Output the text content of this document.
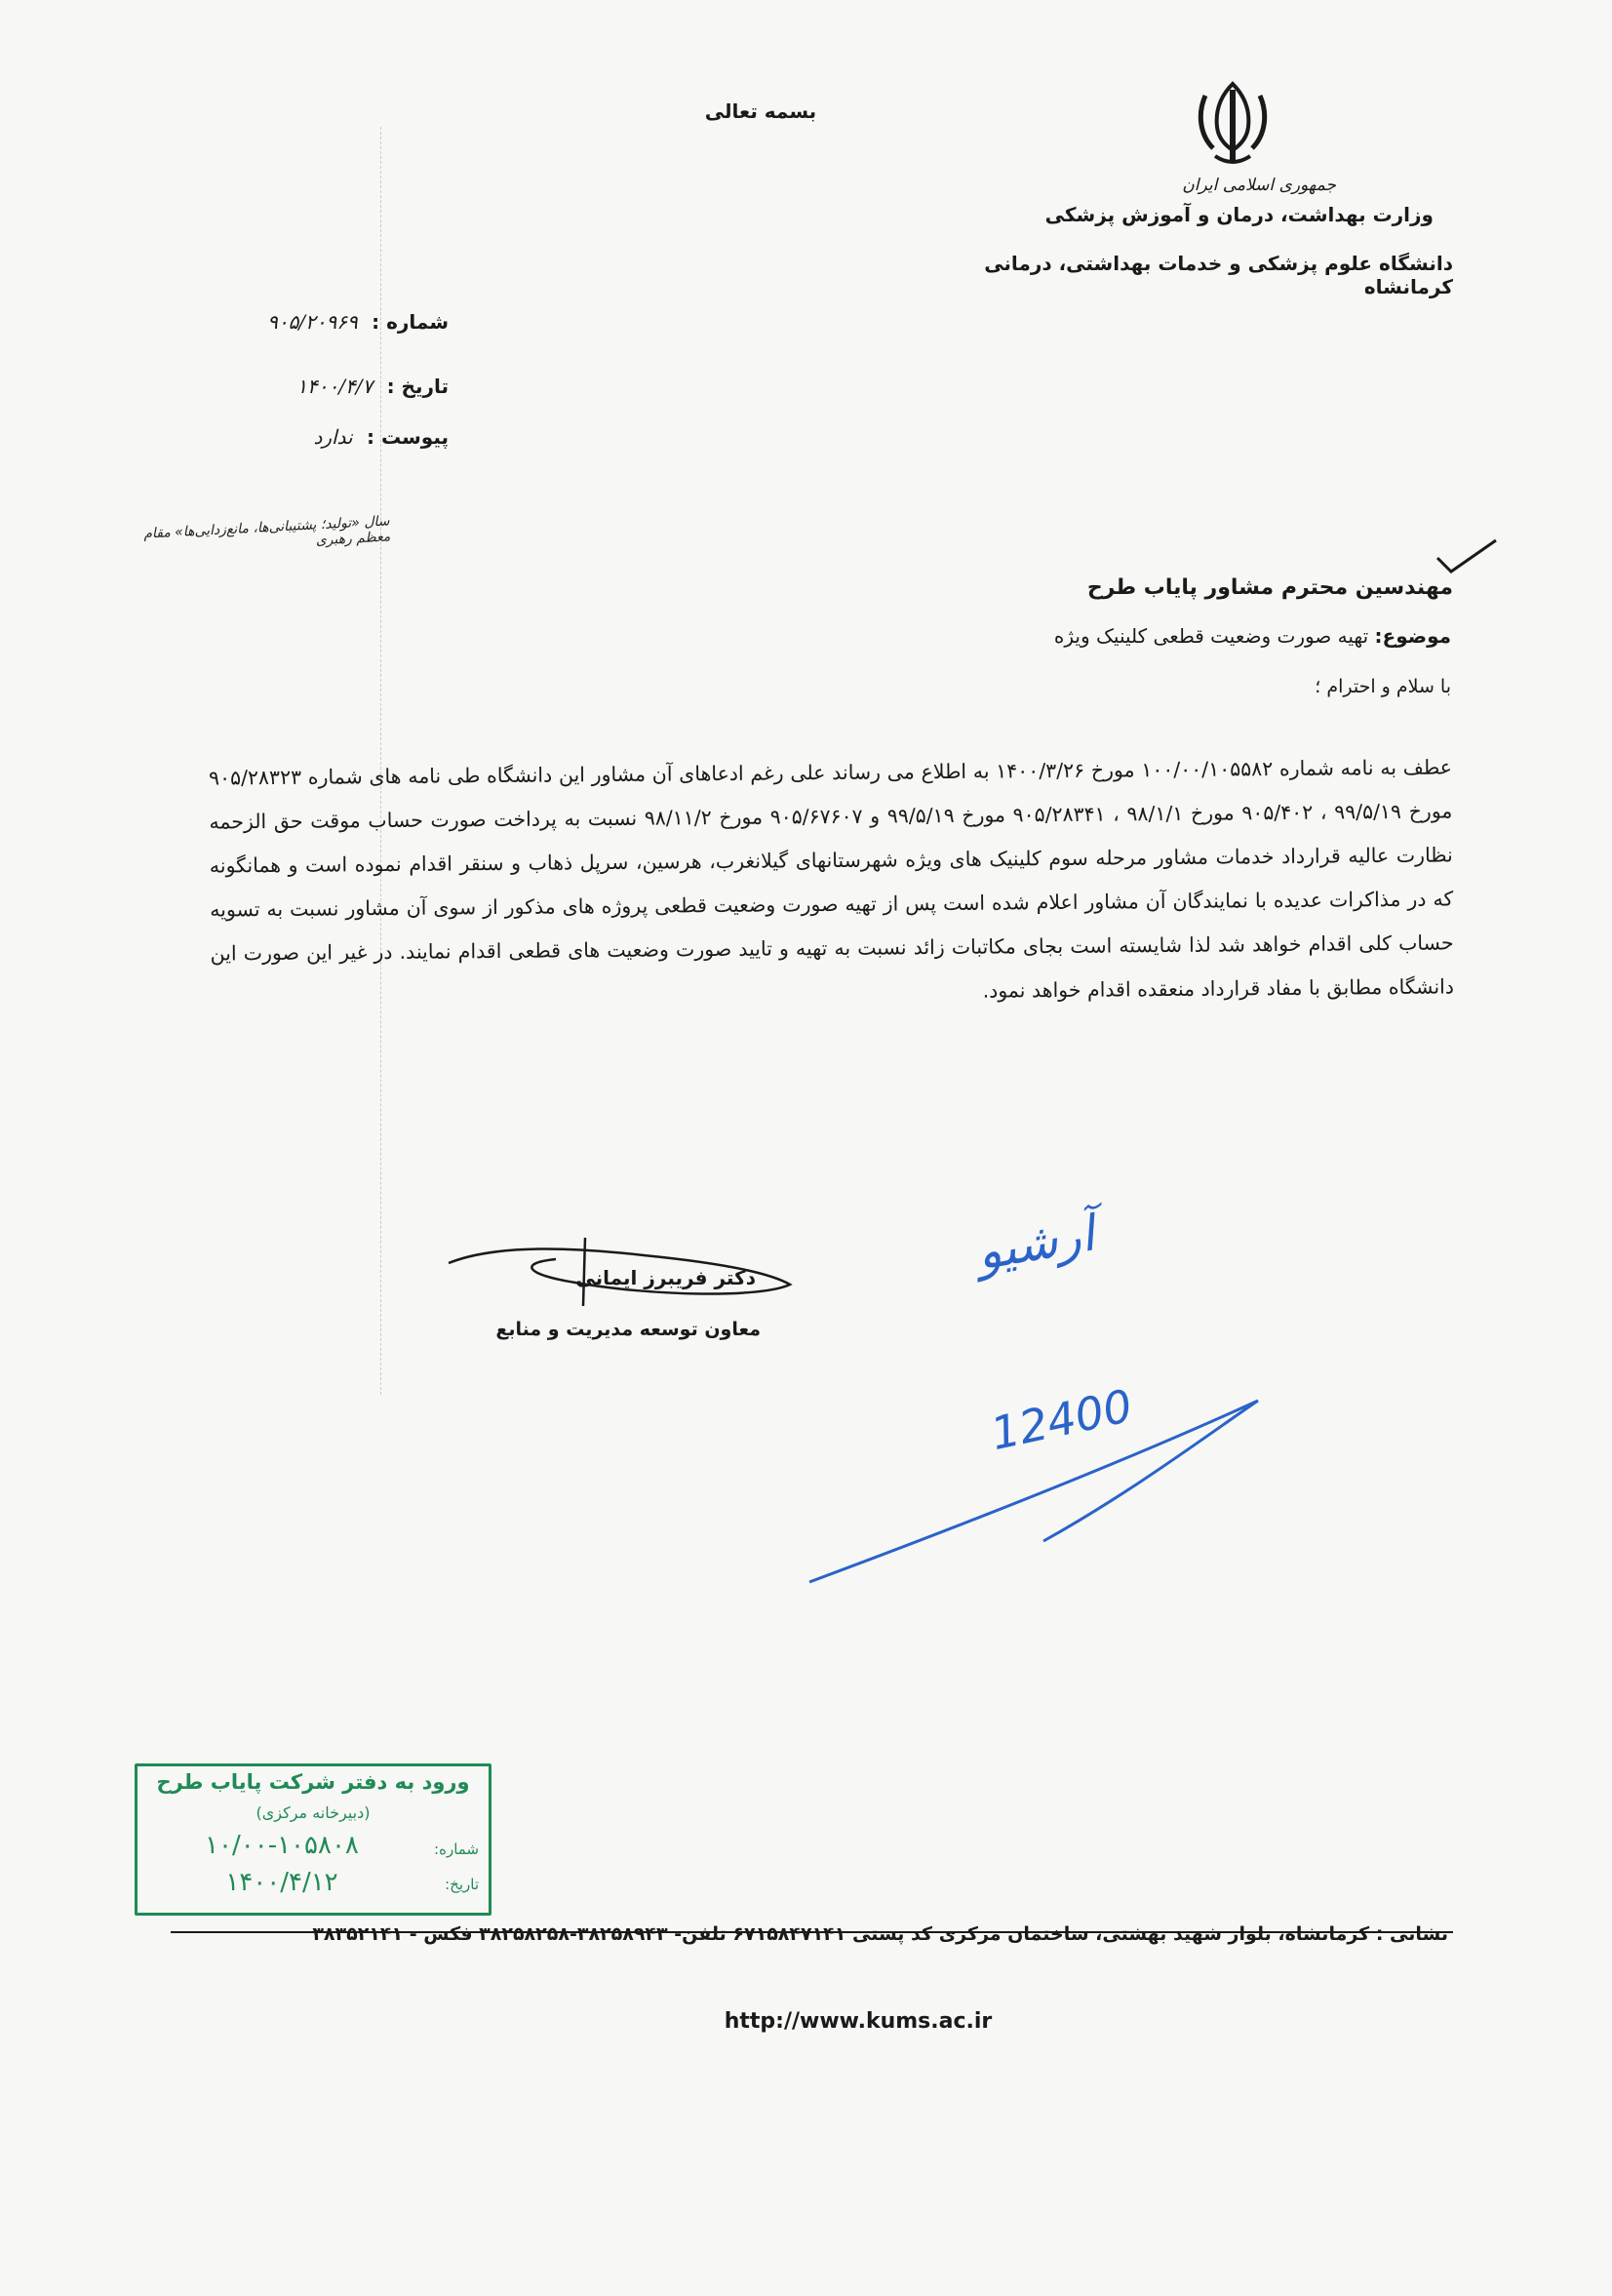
بسمه تعالی
جمهوری اسلامی ایران
وزارت بهداشت، درمان و آموزش پزشکی
دانشگاه علوم پزشکی و خدمات بهداشتی، درمانی کرمانشاه
شماره : ۹۰۵/۲۰۹۶۹
تاریخ : ۱۴۰۰/۴/۷
پیوست : ندارد
سال «تولید؛ پشتیبانی‌ها، مانع‌زدایی‌ها» مقام معظم رهبری
مهندسین محترم مشاور پایاب طرح
موضوع: تهیه صورت وضعیت قطعی کلینیک ویژه
با سلام و احترام ؛
عطف به نامه شماره ۱۰۰/۰۰/۱۰۵۵۸۲ مورخ ۱۴۰۰/۳/۲۶ به اطلاع می رساند علی رغم ادعاهای آن مشاور این دانشگاه طی نامه های شماره ۹۰۵/۲۸۳۲۳ مورخ ۹۹/۵/۱۹ ، ۹۰۵/۴۰۲ مورخ ۹۸/۱/۱ ، ۹۰۵/۲۸۳۴۱ مورخ ۹۹/۵/۱۹ و ۹۰۵/۶۷۶۰۷ مورخ ۹۸/۱۱/۲ نسبت به پرداخت صورت حساب موقت حق الزحمه نظارت عالیه قرارداد خدمات مشاور مرحله سوم کلینیک های ویژه شهرستانهای گیلانغرب، هرسین، سرپل ذهاب و سنقر اقدام نموده است و همانگونه که در مذاکرات عدیده با نمایندگان آن مشاور اعلام شده است پس از تهیه صورت وضعیت قطعی پروژه های مذکور از سوی آن مشاور نسبت به تسویه حساب کلی اقدام خواهد شد لذا شایسته است بجای مکاتبات زائد نسبت به تهیه و تایید صورت وضعیت های قطعی اقدام نمایند. در غیر این صورت این دانشگاه مطابق با مفاد قرارداد منعقده اقدام خواهد نمود.
دکتر فریبرز ایمانی
معاون توسعه مدیریت و منابع
آرشیو
12400
ورود به دفتر شرکت پایاب طرح
(دبیرخانه مرکزی)
شماره:
۱۰/۰۰-۱۰۵۸۰۸
تاریخ:
۱۴۰۰/۴/۱۲
نشانی : کرمانشاه، بلوار شهید بهشتی، ساختمان مرکزی کد پستی ۶۷۱۵۸۴۷۱۴۱ تلفن- ۳۸۲۵۸۹۴۳-۳۸۲۵۸۲۵۸ فکس - ۳۸۳۵۲۱۴۱
http://www.kums.ac.ir
